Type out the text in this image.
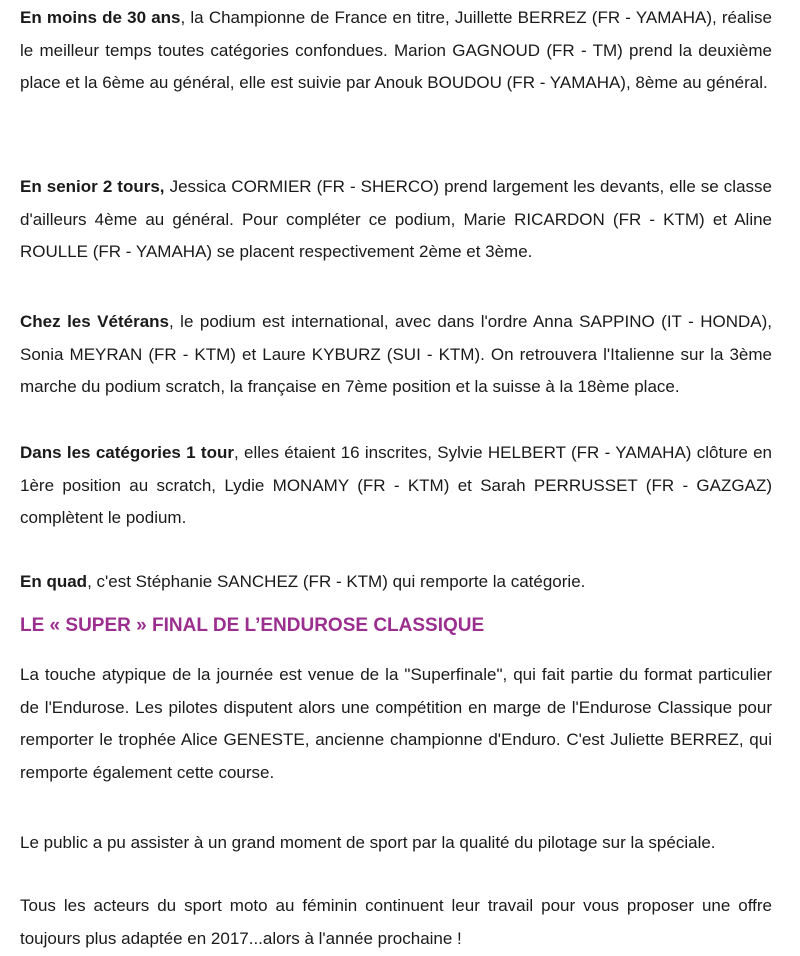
En moins de 30 ans, la Championne de France en titre, Juillette BERREZ (FR - YAMAHA), réalise le meilleur temps toutes catégories confondues. Marion GAGNOUD (FR - TM) prend la deuxième place et la 6ème au général, elle est suivie par Anouk BOUDOU (FR - YAMAHA), 8ème au général.

En senior 2 tours, Jessica CORMIER (FR - SHERCO) prend largement les devants, elle se classe d'ailleurs 4ème au général. Pour compléter ce podium, Marie RICARDON (FR - KTM) et Aline ROULLE (FR - YAMAHA) se placent respectivement 2ème et 3ème.

Chez les Vétérans, le podium est international, avec dans l'ordre Anna SAPPINO (IT - HONDA), Sonia MEYRAN (FR - KTM) et Laure KYBURZ (SUI - KTM). On retrouvera l'Italienne sur la 3ème marche du podium scratch, la française en 7ème position et la suisse à la 18ème place.

Dans les catégories 1 tour, elles étaient 16 inscrites, Sylvie HELBERT (FR - YAMAHA) clôture en 1ère position au scratch, Lydie MONAMY (FR - KTM) et Sarah PERRUSSET (FR - GAZGAZ) complètent le podium.

En quad, c'est Stéphanie SANCHEZ (FR - KTM) qui remporte la catégorie.

LE « SUPER » FINAL DE L’ENDUROSE CLASSIQUE

La touche atypique de la journée est venue de la "Superfinale", qui fait partie du format particulier de l'Endurose. Les pilotes disputent alors une compétition en marge de l'Endurose Classique pour remporter le trophée Alice GENESTE, ancienne championne d'Enduro. C'est Juliette BERREZ, qui remporte également cette course.

Le public a pu assister à un grand moment de sport par la qualité du pilotage sur la spéciale.

Tous les acteurs du sport moto au féminin continuent leur travail pour vous proposer une offre toujours plus adaptée en 2017...alors à l'année prochaine !
